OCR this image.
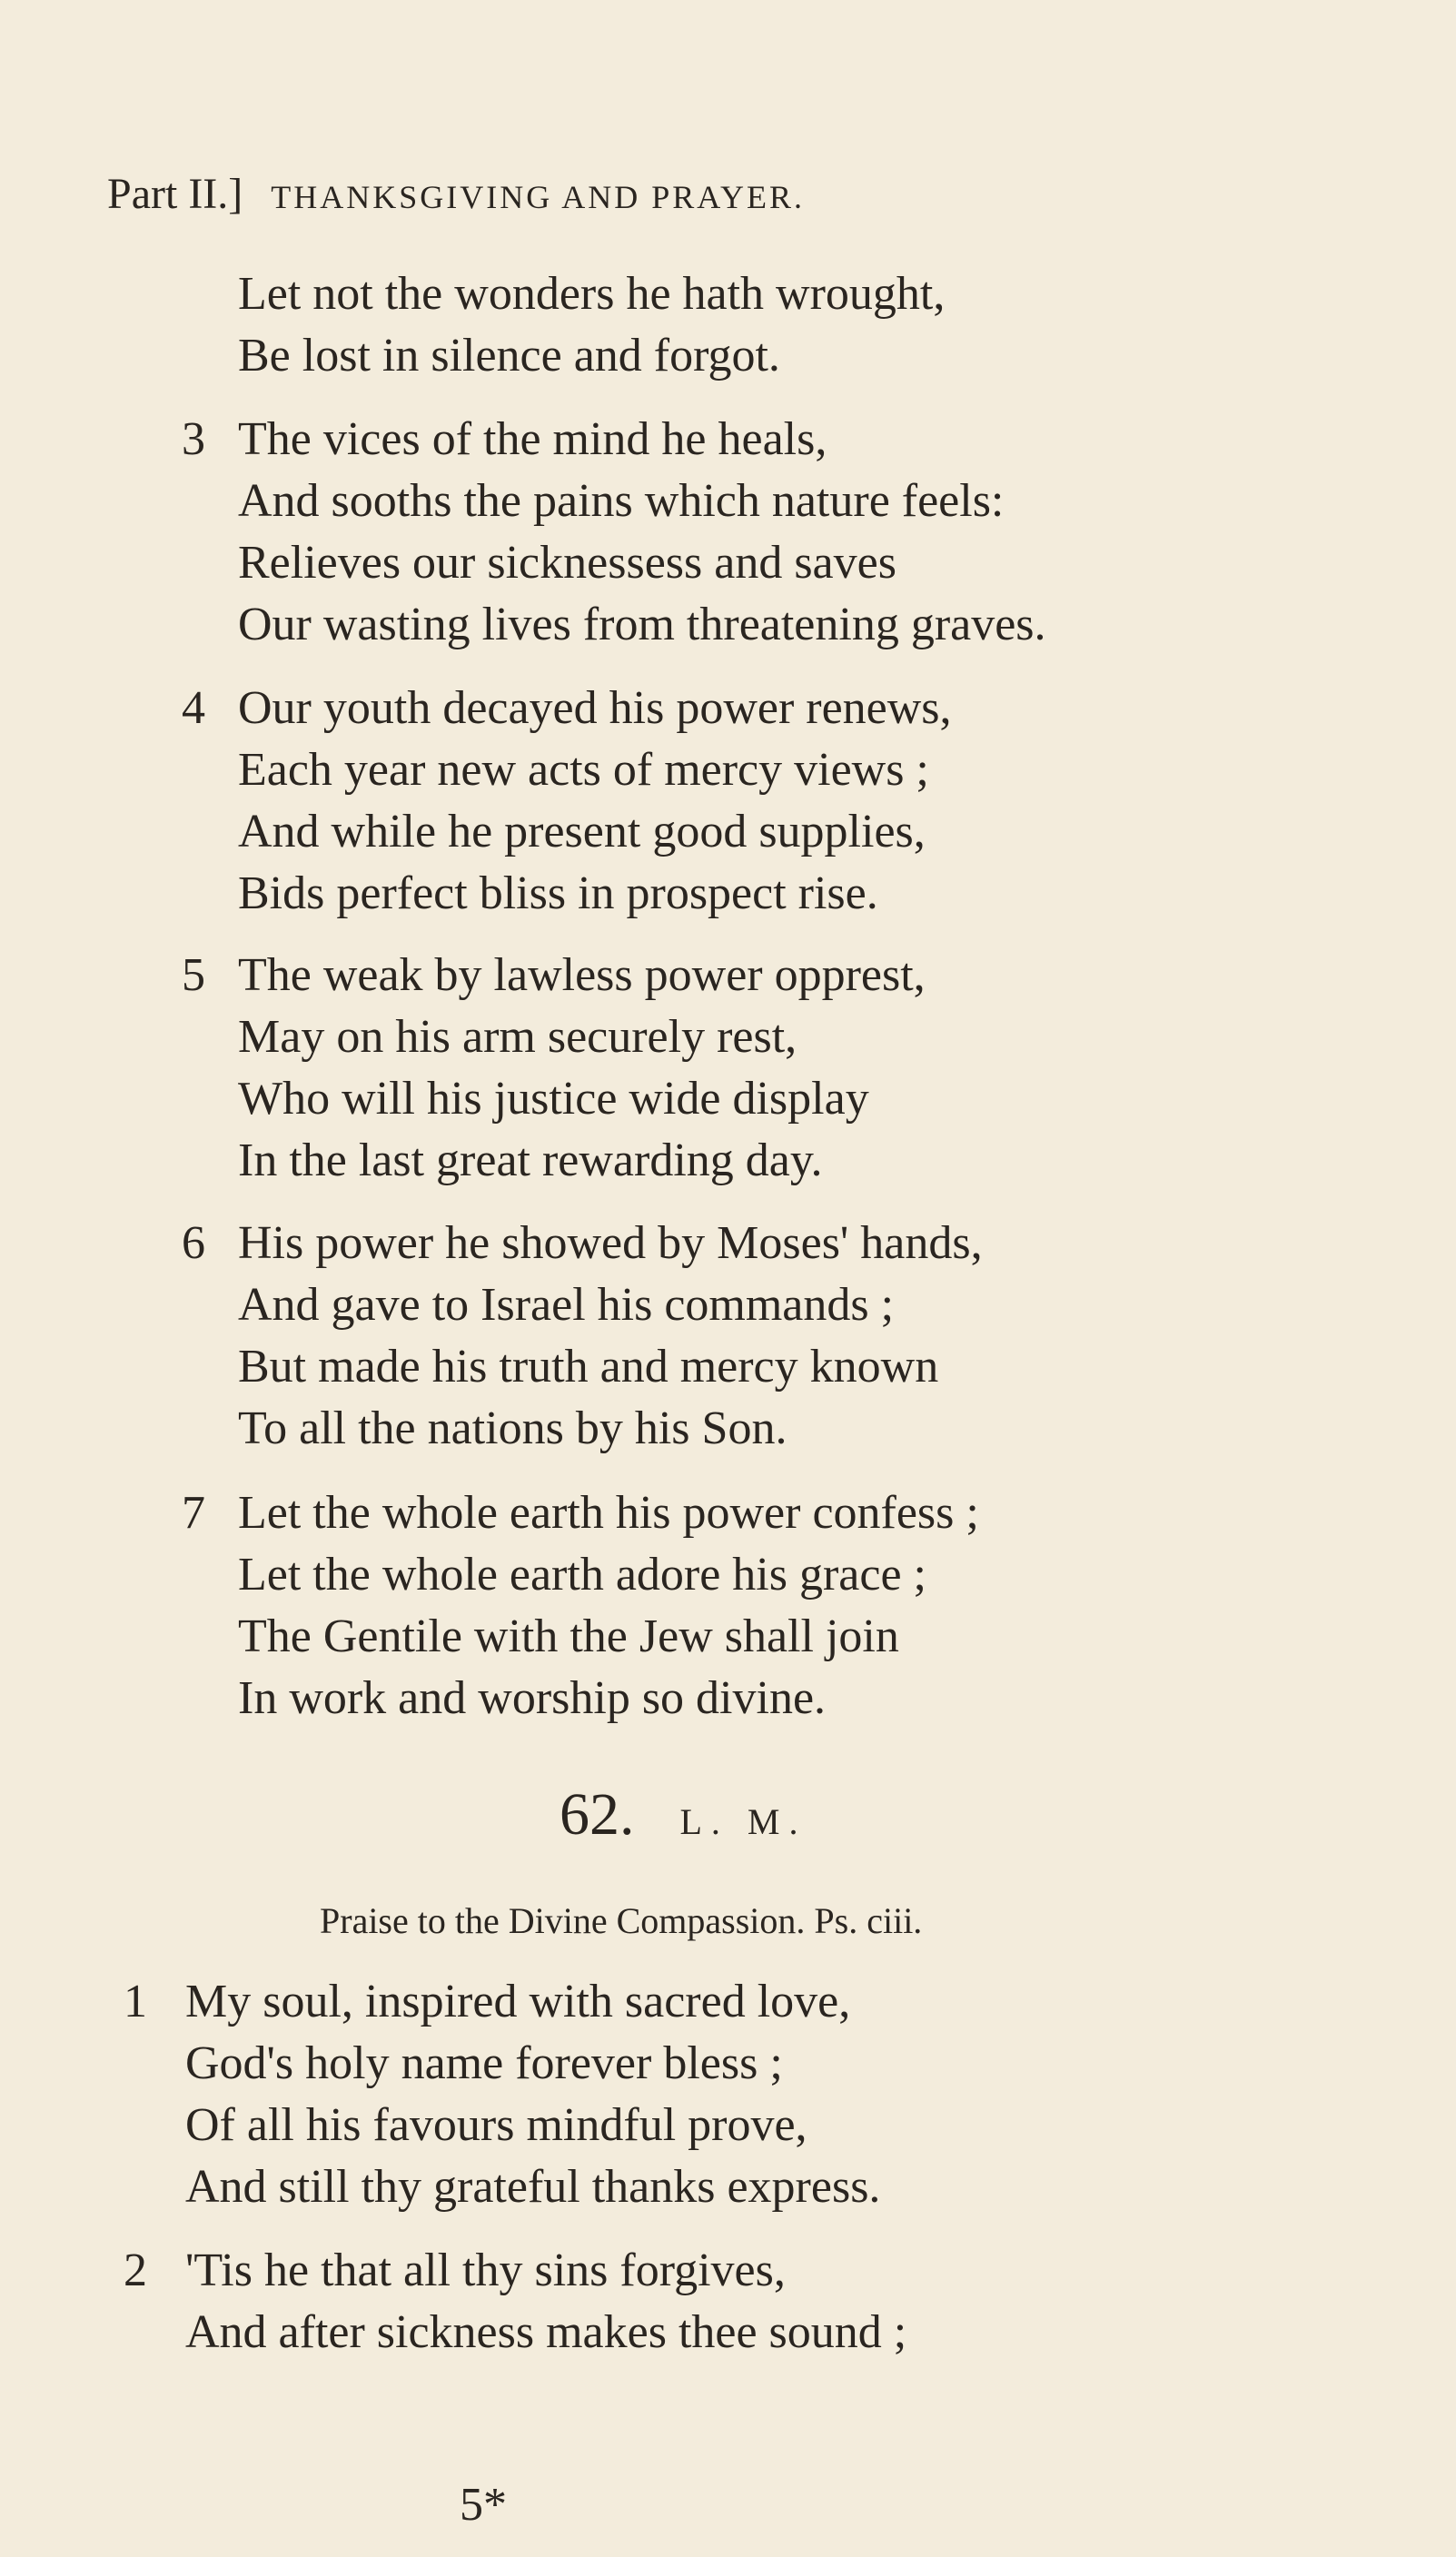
Part II.] THANKSGIVING AND PRAYER.
Let not the wonders he hath wrought,
Be lost in silence and forgot.
3 The vices of the mind he heals,
And sooths the pains which nature feels:
Relieves our sicknessess and saves
Our wasting lives from threatening graves.
4 Our youth decayed his power renews,
Each year new acts of mercy views ;
And while he present good supplies,
Bids perfect bliss in prospect rise.
5 The weak by lawless power opprest,
May on his arm securely rest,
Who will his justice wide display
In the last great rewarding day.
6 His power he showed by Moses' hands,
And gave to Israel his commands ;
But made his truth and mercy known
To all the nations by his Son.
7 Let the whole earth his power confess ;
Let the whole earth adore his grace ;
The Gentile with the Jew shall join
In work and worship so divine.
62. L. M.
Praise to the Divine Compassion. Ps. ciii.
1 My soul, inspired with sacred love,
God's holy name forever bless ;
Of all his favours mindful prove,
And still thy grateful thanks express.
2 'Tis he that all thy sins forgives,
And after sickness makes thee sound ;
5*
